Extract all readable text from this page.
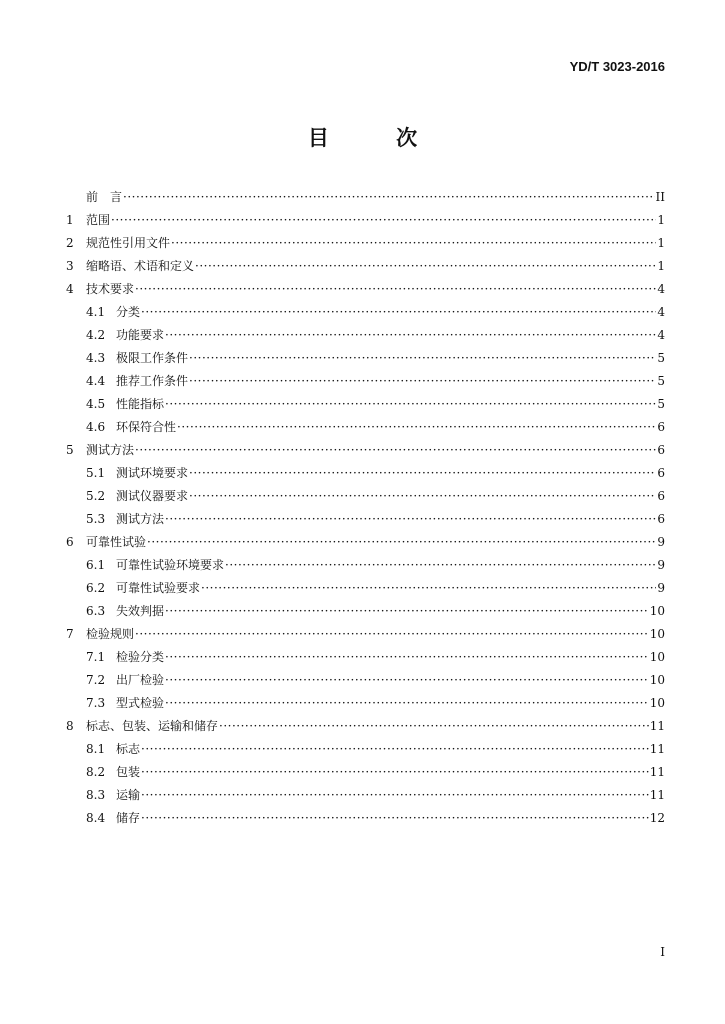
YD/T 3023-2016
目 次
前　言 ·····	II
1	范围 ·····	1
2	规范性引用文件 ·····	1
3	缩略语、术语和定义 ·····	1
4	技术要求 ·····	4
4.1 分类 ·····	4
4.2 功能要求 ·····	4
4.3 极限工作条件 ·····	5
4.4 推荐工作条件 ·····	5
4.5 性能指标 ·····	5
4.6 环保符合性 ·····	6
5	测试方法 ·····	6
5.1 测试环境要求 ·····	6
5.2 测试仪器要求 ·····	6
5.3 测试方法 ·····	6
6	可靠性试验 ·····	9
6.1 可靠性试验环境要求 ·····	9
6.2 可靠性试验要求 ·····	9
6.3 失效判据 ·····	10
7	检验规则 ·····	10
7.1 检验分类 ·····	10
7.2 出厂检验 ·····	10
7.3 型式检验 ·····	10
8	标志、包装、运输和储存 ·····	11
8.1 标志 ·····	11
8.2 包装 ·····	11
8.3 运输 ·····	11
8.4 储存 ·····	12
I
